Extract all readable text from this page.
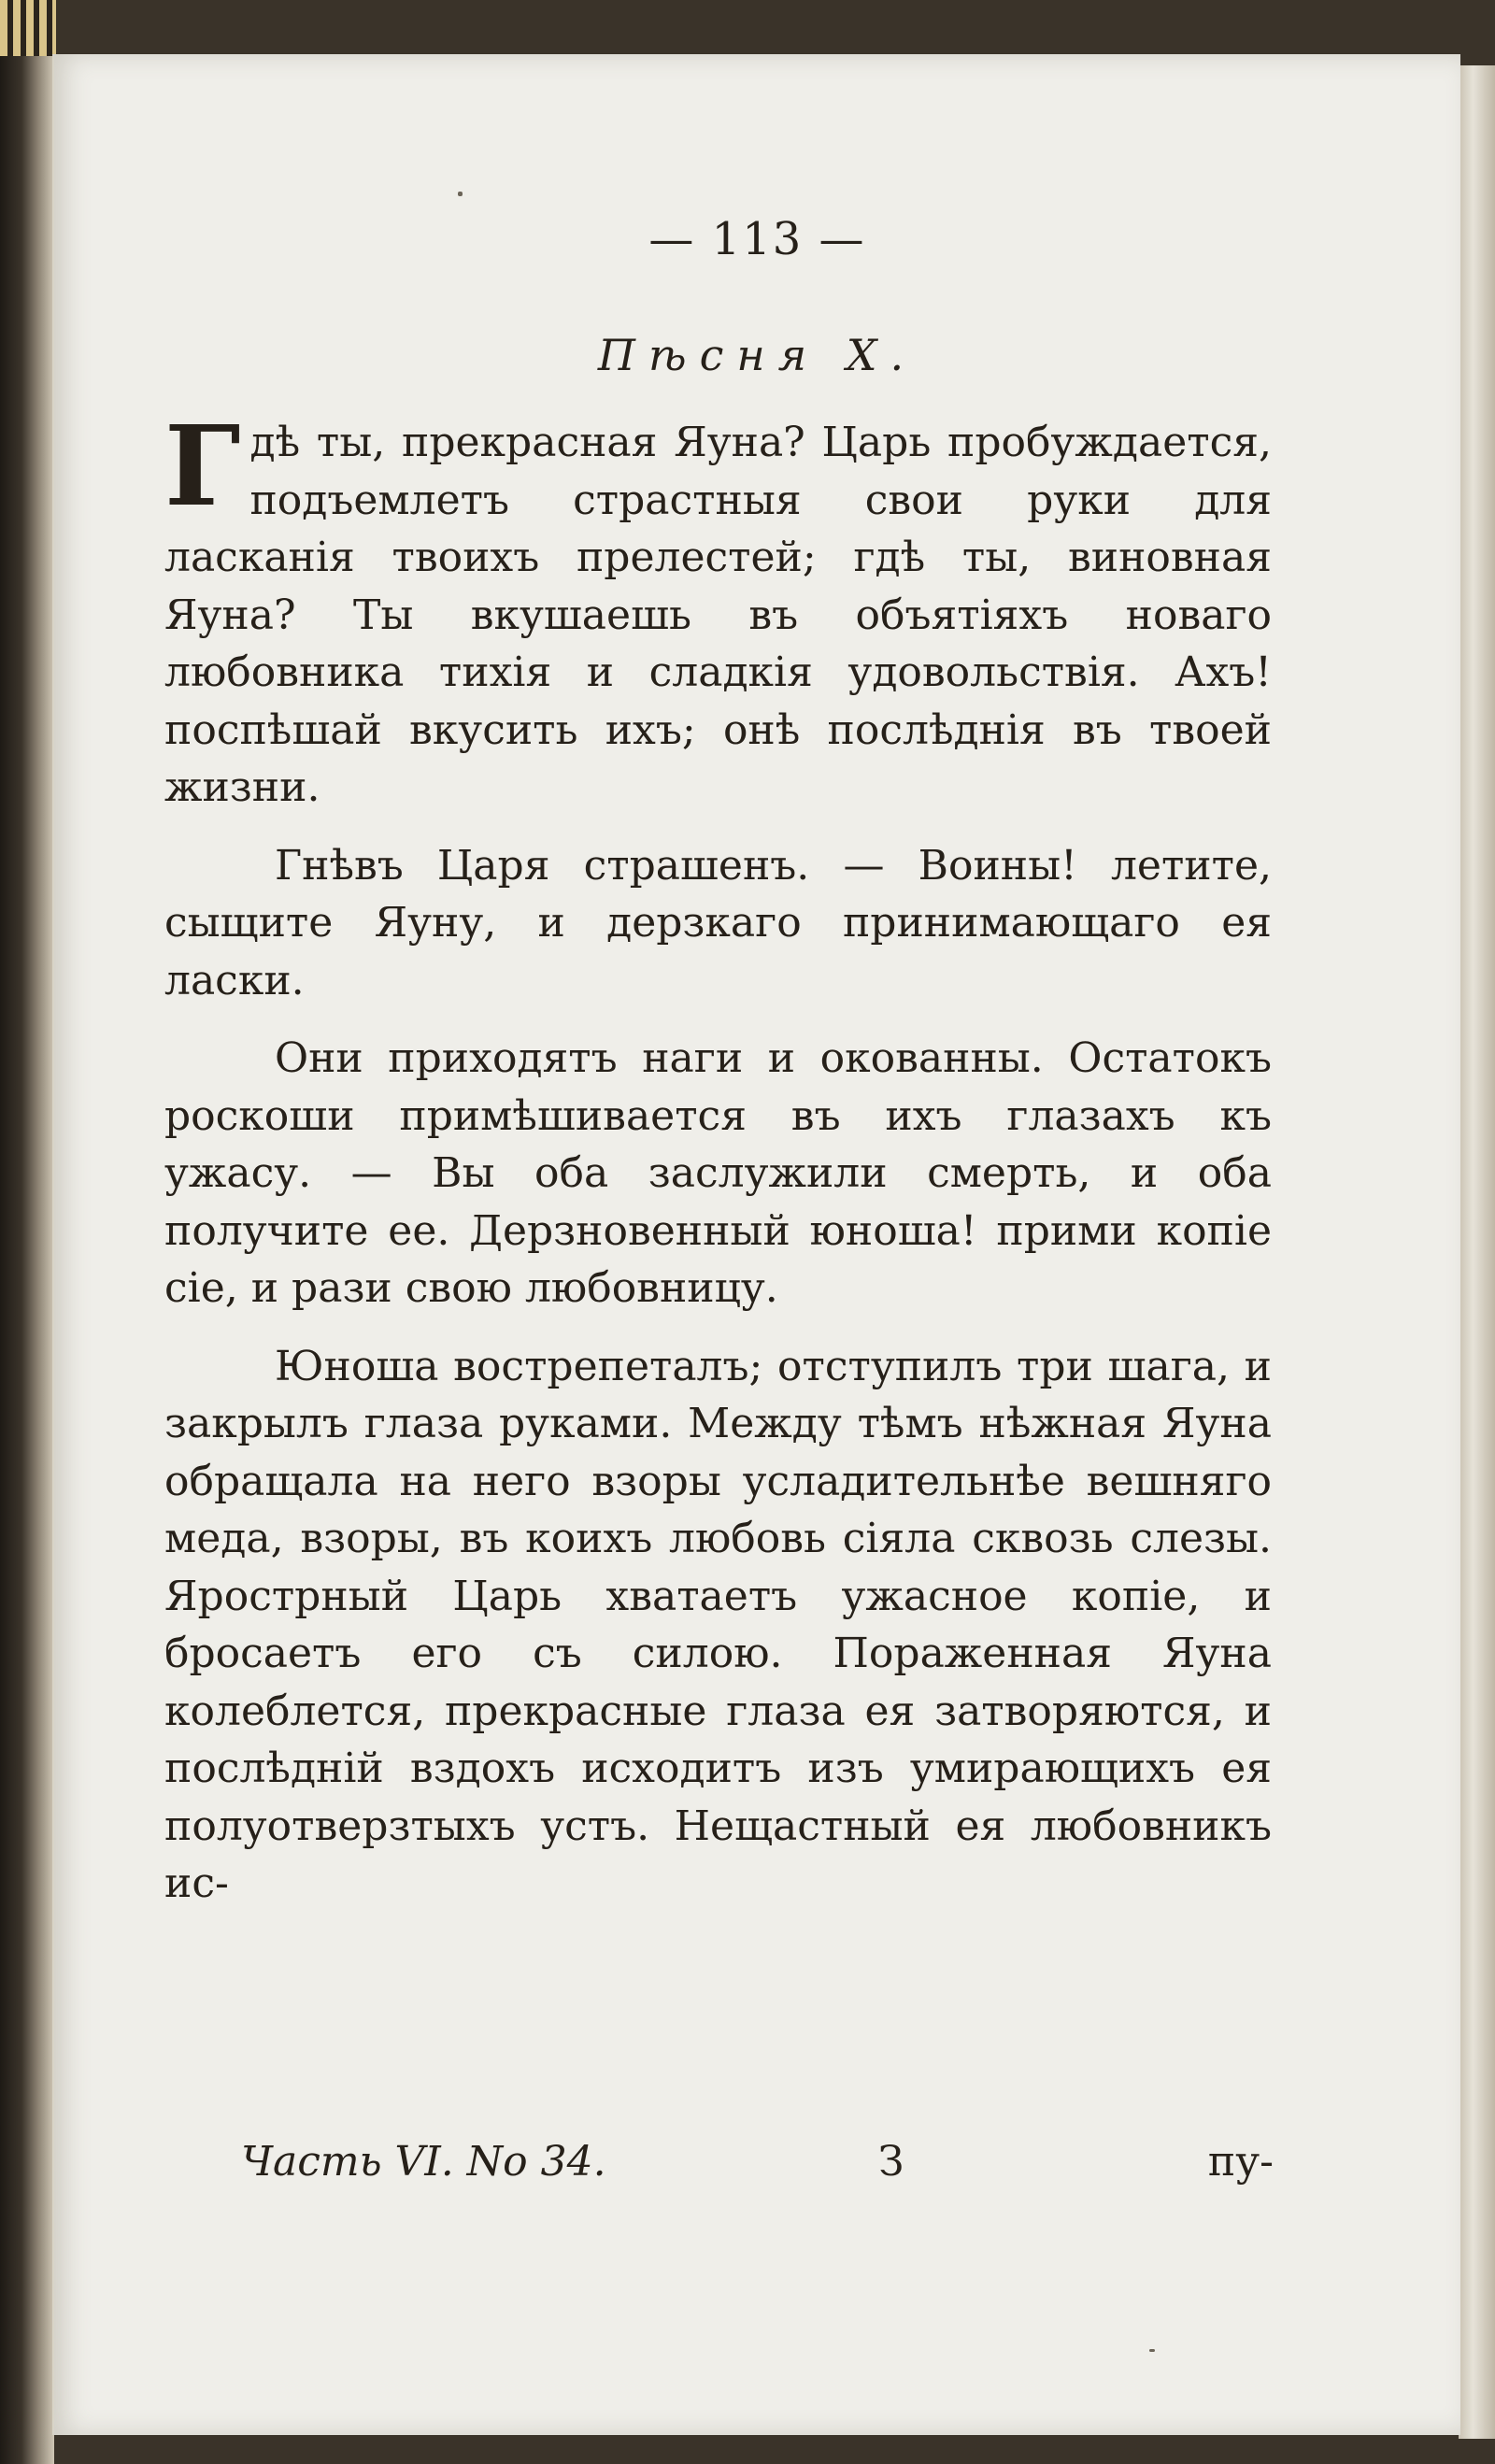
— 113 —
Пѣсня X.

Гдѣ ты, прекрасная Яуна? Царь пробуждается, подъемлетъ страстныя свои руки для ласканія твоихъ прелестей; гдѣ ты, виновная Яуна? Ты вкушаешь въ объятіяхъ новаго любовника тихія и сладкія удовольствія. Ахъ! поспѣшай вкусить ихъ; онѣ послѣднія въ твоей жизни.

Гнѣвъ Царя страшенъ. — Воины! летите, сыщите Яуну, и дерзкаго принимающаго ея ласки.

Они приходятъ наги и окованны. Остатокъ роскоши примѣшивается въ ихъ глазахъ къ ужасу. — Вы оба заслужили смерть, и оба получите ее. Дерзновенный юноша! прими копіе сіе, и рази свою любовницу.

Юноша вострепеталъ; отступилъ три шага, и закрылъ глаза руками. Между тѣмъ нѣжная Яуна обращала на него взоры усладительнѣе вешняго меда, взоры, въ коихъ любовь сіяла сквозь слезы. Ярострный Царь хватаетъ ужасное копіе, и бросаетъ его съ силою. Пораженная Яуна колеблется, прекрасные глаза ея затворяются, и послѣдній вздохъ исходитъ изъ умирающихъ ея полуотверзтыхъ устъ. Нещастный ея любовникъ ис-

Часть VI. No 34.	З	пу-
